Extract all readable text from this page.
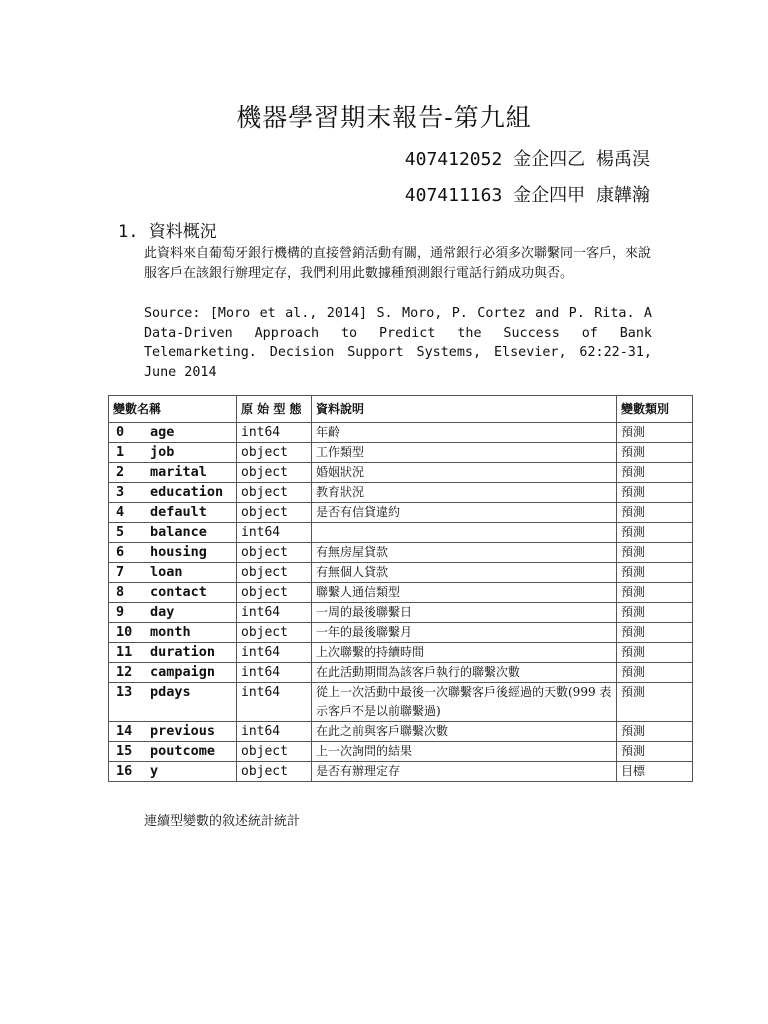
機器學習期末報告-第九組
407412052 金企四乙 楊禹淏
407411163 金企四甲 康韡瀚
1. 資料概況
此資料來自葡萄牙銀行機構的直接營銷活動有關，通常銀行必須多次聯繫同一客戶，來說服客戶在該銀行辦理定存，我們利用此數據種預測銀行電話行銷成功與否。
Source: [Moro et al., 2014] S. Moro, P. Cortez and P. Rita. A Data-Driven Approach to Predict the Success of Bank Telemarketing. Decision Support Systems, Elsevier, 62:22-31, June 2014
變數名稱	原 始 型 態	資料說明	變數類別
0 age	int64	年齡	預測
1 job	object	工作類型	預測
2 marital	object	婚姻狀況	預測
3 education	object	教育狀況	預測
4 default	object	是否有信貸違約	預測
5 balance	int64		預測
6 housing	object	有無房屋貸款	預測
7 loan	object	有無個人貸款	預測
8 contact	object	聯繫人通信類型	預測
9 day	int64	一周的最後聯繫日	預測
10 month	object	一年的最後聯繫月	預測
11 duration	int64	上次聯繫的持續時間	預測
12 campaign	int64	在此活動期間為該客戶執行的聯繫次數	預測
13 pdays	int64	從上一次活動中最後一次聯繫客戶後經過的天數(999 表示客戶不是以前聯繫過)	預測
14 previous	int64	在此之前與客戶聯繫次數	預測
15 poutcome	object	上一次詢問的結果	預測
16 y	object	是否有辦理定存	目標
連續型變數的敘述統計統計
